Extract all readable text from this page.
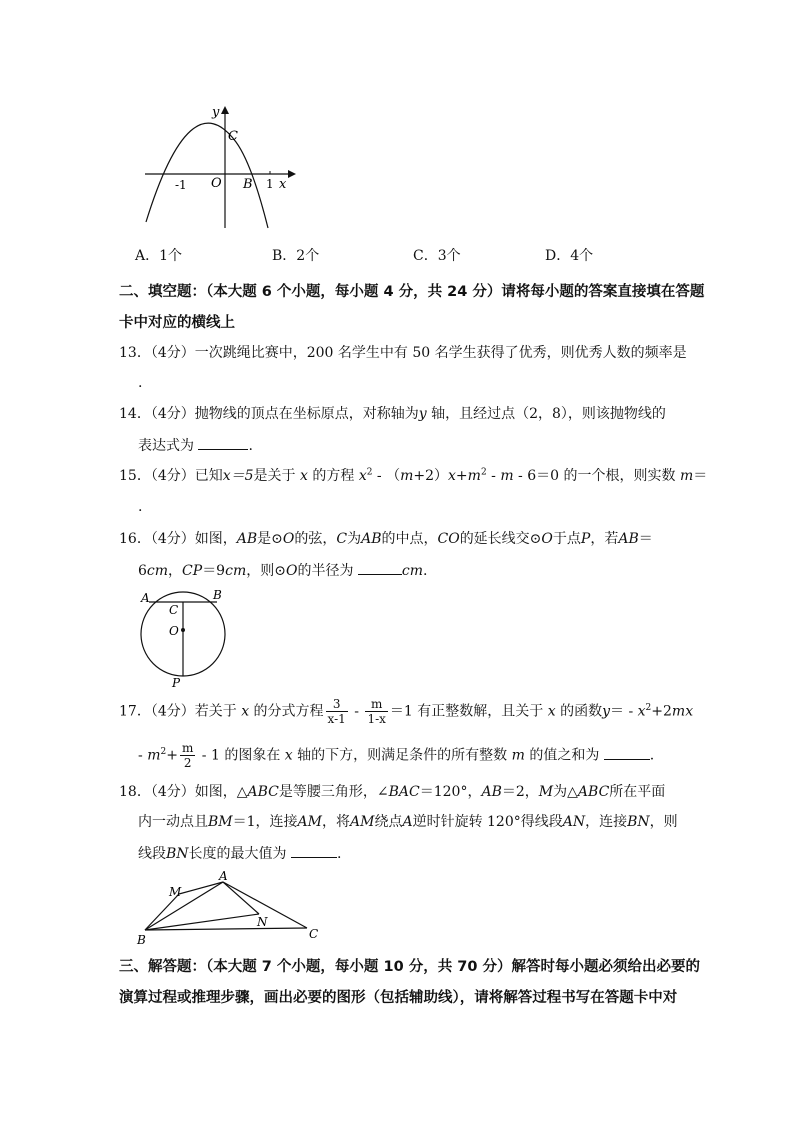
y
C
O B
-1	1 x
A．1个	B．2个	C．3个	D．4个
二、填空题：（本大题 6 个小题，每小题 4 分，共 24 分）请将每小题的答案直接填在答题
卡中对应的横线上
13．（4分）一次跳绳比赛中，200 名学生中有 50 名学生获得了优秀，则优秀人数的频率是
.
14．（4分）抛物线的顶点在坐标原点，对称轴为y 轴，且经过点（2，8），则该抛物线的
表达式为	.
15．（4分）已知x＝5是关于 x 的方程 $x^2 - (m+2)x+m^2 - m - 6=0$ 的一个根，则实数 m＝
.
16．（4分）如图，AB是⊙O的弦，C为AB的中点，CO的延长线交⊙O于点P，若AB＝
6cm，CP＝9cm，则⊙O的半径为	cm.
A	B
C
O
P
17．（4分）若关于 x 的分式方程 $\frac{3}{x-1} - \frac{m}{1-x} =1$ 有正整数解，且关于 x 的函数$y= - x^2+2mx$
- $m^2+ \frac{m}{2} - 1$ 的图象在 x 轴的下方，则满足条件的所有整数 m 的值之和为	.
18．（4分）如图，△ABC是等腰三角形，∠BAC＝120°，AB＝2，M为△ABC所在平面
内一动点且BM＝1，连接AM，将AM绕点A逆时针旋转 120°得线段AN，连接BN，则
线段BN长度的最大值为	.
A
B	C
M
N
三、解答题：（本大题 7 个小题，每小题 10 分，共 70 分）解答时每小题必须给出必要的
演算过程或推理步骤，画出必要的图形（包括辅助线），请将解答过程书写在答题卡中对
